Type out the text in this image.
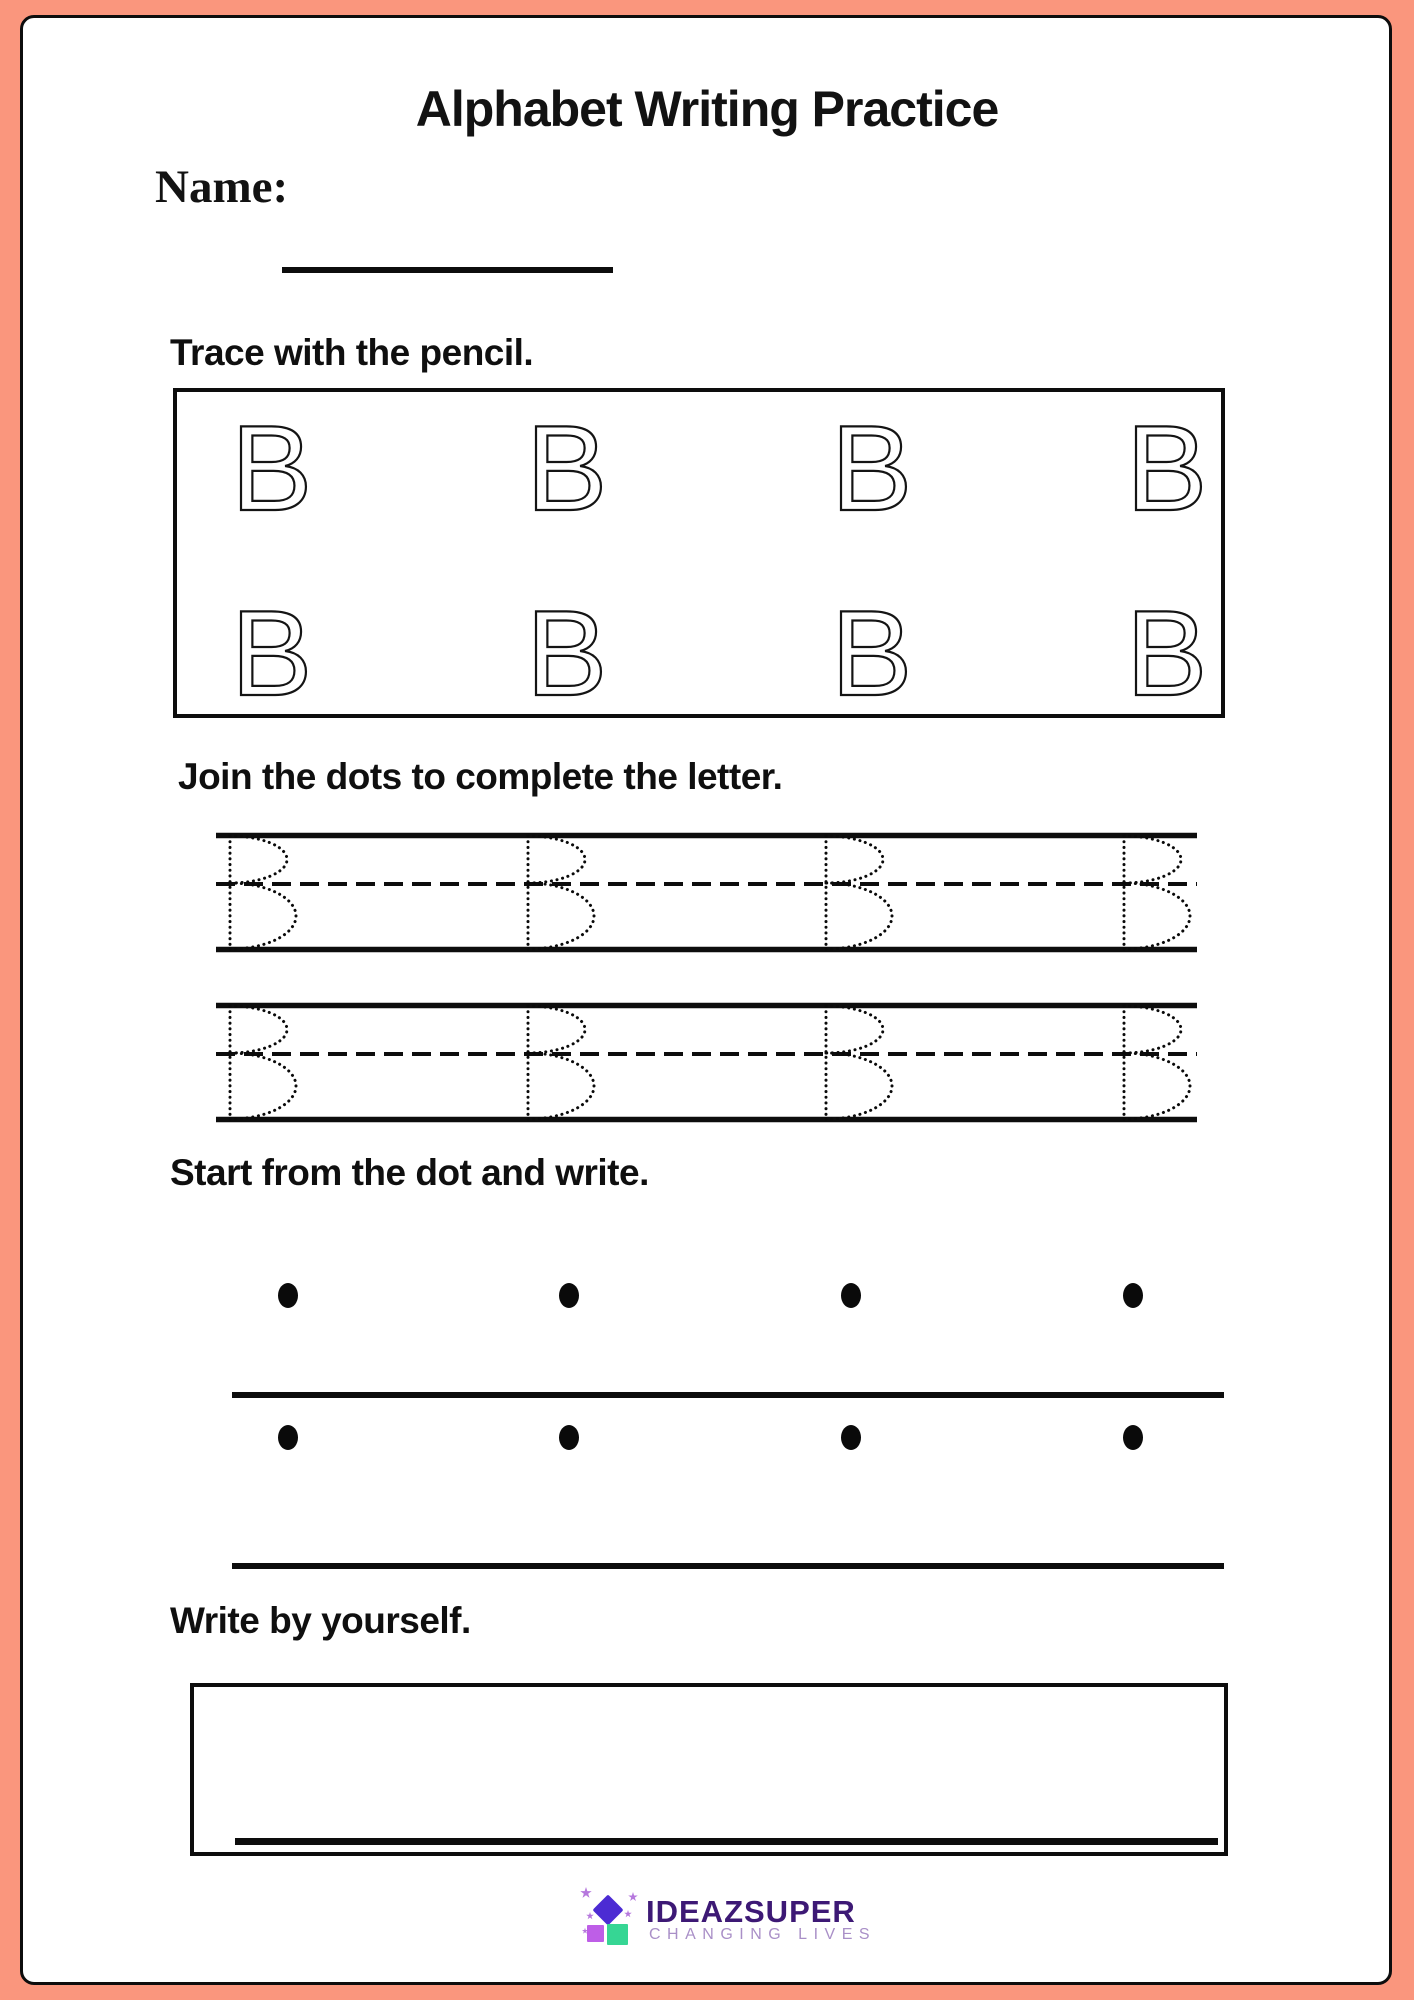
Alphabet Writing Practice
Name:
Trace with the pencil.
B B B B
B B B B
Join the dots to complete the letter.
Start from the dot and write.
Write by yourself.
IDEAZSUPER
CHANGING LIVES
